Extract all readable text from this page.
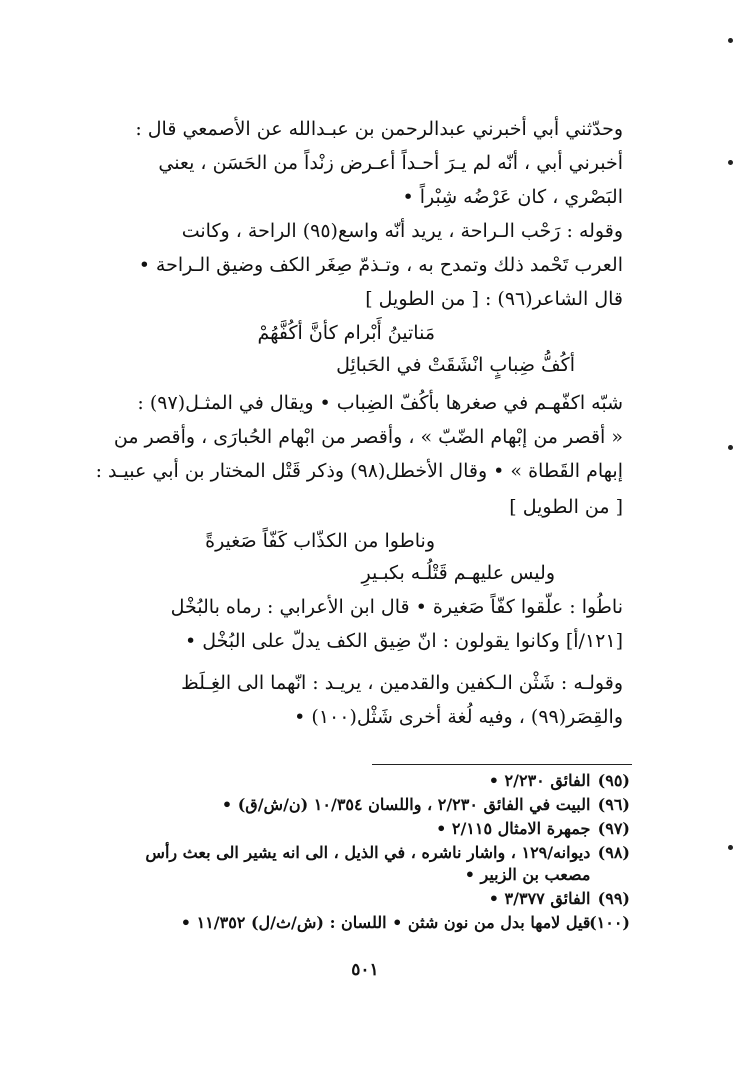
وحدّثني أبي أخبرني عبدالرحمن بن عبـدالله عن الأصمعي قال :
أخبرني أبي ، أنّه لم يـرَ أحـداً أعـرض زنْداً من الحَسَن ، يعني
البَصْري ، كان عَرْضُه شِبْراً •
وقوله : رَحْب الـراحة ، يريد أنّه واسع(٩٥) الراحة ، وكانت
العرب تَحْمد ذلك وتمدح به ، وتـذمّ صِغَر الكف وضيق الـراحة •
قال الشاعر(٩٦) : [ من الطويل ]
مَناتينُ أَبْرام كأنَّ أكُفَّهُمْ
أكُفُّ ضِبابٍ انْشَقَتْ في الحَبائِل
شبّه اكفّهـم في صغرها بأكُفّ الضِباب • ويقال في المثـل(٩٧) :
« أقصر من إبْهام الضّبّ » ، وأقصر من ابْهام الحُبارَى ، وأقصر من
إبهام القَطاة » • وقال الأخطل(٩٨) وذكر قَتْل المختار بن أبي عبيـد :
[ من الطويل ]
وناطوا من الكذّاب كَفّاً صَغيرةً
وليس عليهـم قَتْلُـه بكبـيرِ
ناطُوا : علّقوا كفّاً صَغيرة • قال ابن الأعرابي : رماه بالبُخْل
[١٢١/أ] وكانوا يقولون : انّ ضِيق الكف يدلّ على البُخْل •
وقولـه : شَثْن الـكفين والقدمين ، يريـد : انّهما الى الغِـلَظ
والقِصَر(٩٩) ، وفيه لُغة أخرى شَثْل(١٠٠) •
(٩٥) الفائق ٢/٢٣٠ •
(٩٦) البيت في الفائق ٢/٢٣٠ ، واللسان ١٠/٣٥٤ (ن/ش/ق) •
(٩٧) جمهرة الامثال ٢/١١٥ •
(٩٨) ديوانه/١٢٩ ، واشار ناشره ، في الذيل ، الى انه يشير الى بعث رأس
مصعب بن الزبير •
(٩٩) الفائق ٣/٣٧٧ •
(١٠٠) قيل لامها بدل من نون شثن • اللسان : (ش/ث/ل) ١١/٣٥٢ •
٥٠١
